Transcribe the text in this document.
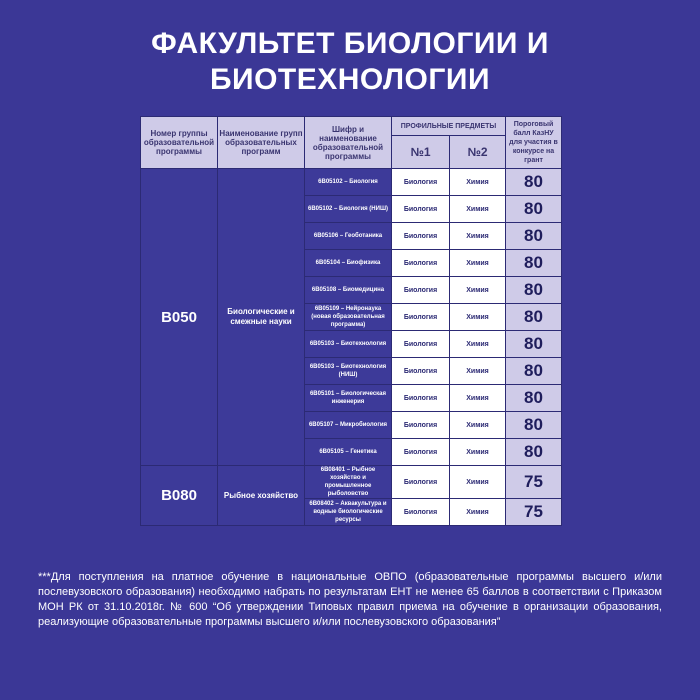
ФАКУЛЬТЕТ БИОЛОГИИ И
БИОТЕХНОЛОГИИ
Номер группы образовательной программы	Наименование групп образовательных программ	Шифр и наименование образовательной программы	ПРОФИЛЬНЫЕ ПРЕДМЕТЫ		Пороговый балл КазНУ для участия в конкурсе на грант
			№1	№2	
B050	Биологические и смежные науки	6В05102 – Биология	Биология	Химия	80
		6В05102 – Биология (НИШ)	Биология	Химия	80
		6В05106 – Геоботаника	Биология	Химия	80
		6В05104 – Биофизика	Биология	Химия	80
		6В05108 – Биомедицина	Биология	Химия	80
		6В05109 – Нейронаука (новая образовательная программа)	Биология	Химия	80
		6В05103 – Биотехнология	Биология	Химия	80
		6В05103 – Биотехнология (НИШ)	Биология	Химия	80
		6В05101 – Биологическая инженерия	Биология	Химия	80
		6В05107 – Микробиология	Биология	Химия	80
		6В05105 – Генетика	Биология	Химия	80
B080	Рыбное хозяйство	6В08401 – Рыбное хозяйство и промышленное рыболовство	Биология	Химия	75
		6В08402 – Аквакультура и водные биологические ресурсы	Биология	Химия	75
***Для поступления на платное обучение в национальные ОВПО (образовательные программы высшего и/или послевузовского образования) необходимо набрать по результатам ЕНТ не менее 65 баллов в соответствии с Приказом МОН РК от 31.10.2018г. № 600 “Об утверждении Типовых правил приема на обучение в организации образования, реализующие образовательные программы высшего и/или послевузовского образования”
